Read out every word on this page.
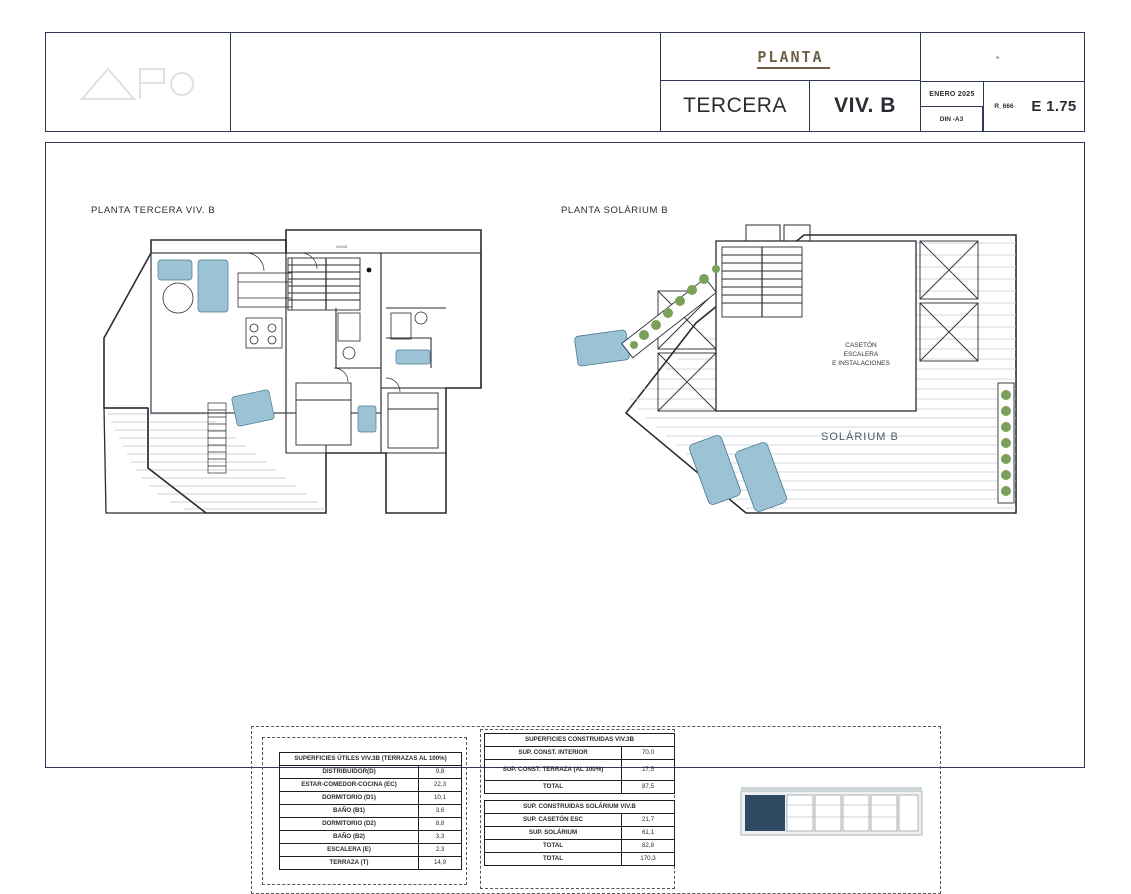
PLANTA
TERCERA	VIV. B
*
ENERO 2025
DIN -A3
R_666	E 1.75
PLANTA TERCERA VIV. B	PLANTA SOLÁRIUM B
40008
CASETÓN
ESCALERA
E INSTALACIONES
SOLÁRIUM B
SUPERFICIES ÚTILES VIV.3B (TERRAZAS AL 100%)	
DISTRIBUIDOR(D)	9,8
ESTAR-COMEDOR-COCINA (EC)	22,3
DORMITORIO (D1)	10,1
BAÑO (B1)	3,6
DORMITORIO (D2)	8,8
BAÑO (B2)	3,3
ESCALERA (E)	2,3
TERRAZA (T)	14,9
SUPERFICIES CONSTRUIDAS VIV.3B	
SUP. CONST. INTERIOR	70,0
SUP. CONST. TERRAZA (AL 100%)	17,5
TOTAL	87,5
SUP. CONSTRUIDAS SOLÁRIUM VIV.B	
SUP. CASETÓN ESC	21,7
SUP. SOLÁRIUM	61,1
TOTAL	82,8
TOTAL	170,3
